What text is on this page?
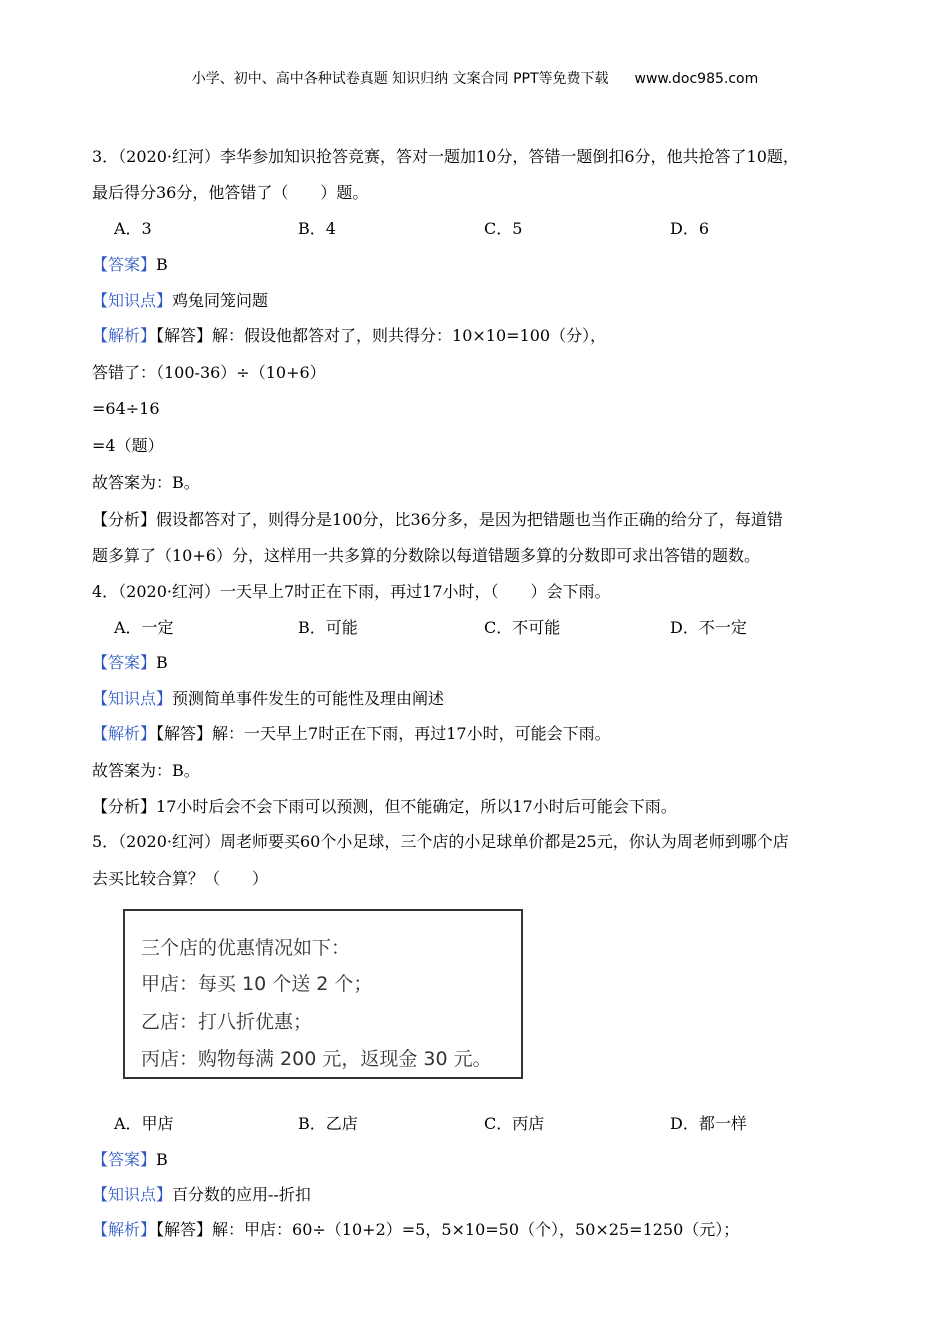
小学、初中、高中各种试卷真题 知识归纳 文案合同 PPT等免费下载 www.doc985.com
3．（2020·红河）李华参加知识抢答竞赛，答对一题加10分，答错一题倒扣6分，他共抢答了10题，
最后得分36分，他答错了（　　）题。
A．3	B．4	C．5	D．6
【答案】B
【知识点】鸡兔同笼问题
【解析】【解答】解：假设他都答对了，则共得分：10×10=100（分），
答错了：（100-36）÷（10+6）
=64÷16
=4（题）
故答案为：B。
【分析】假设都答对了，则得分是100分，比36分多，是因为把错题也当作正确的给分了，每道错
题多算了（10+6）分，这样用一共多算的分数除以每道错题多算的分数即可求出答错的题数。
4．（2020·红河）一天早上7时正在下雨，再过17小时，（　　）会下雨。
A．一定	B．可能	C．不可能	D．不一定
【答案】B
【知识点】预测简单事件发生的可能性及理由阐述
【解析】【解答】解：一天早上7时正在下雨，再过17小时，可能会下雨。
故答案为：B。
【分析】17小时后会不会下雨可以预测，但不能确定，所以17小时后可能会下雨。
5．（2020·红河）周老师要买60个小足球，三个店的小足球单价都是25元，你认为周老师到哪个店
去买比较合算？（　　）
三个店的优惠情况如下：
甲店：每买 10 个送 2 个；
乙店：打八折优惠；
丙店：购物每满 200 元，返现金 30 元。
A．甲店	B．乙店	C．丙店	D．都一样
【答案】B
【知识点】百分数的应用--折扣
【解析】【解答】解：甲店：60÷（10+2）=5，5×10=50（个），50×25=1250（元）；
